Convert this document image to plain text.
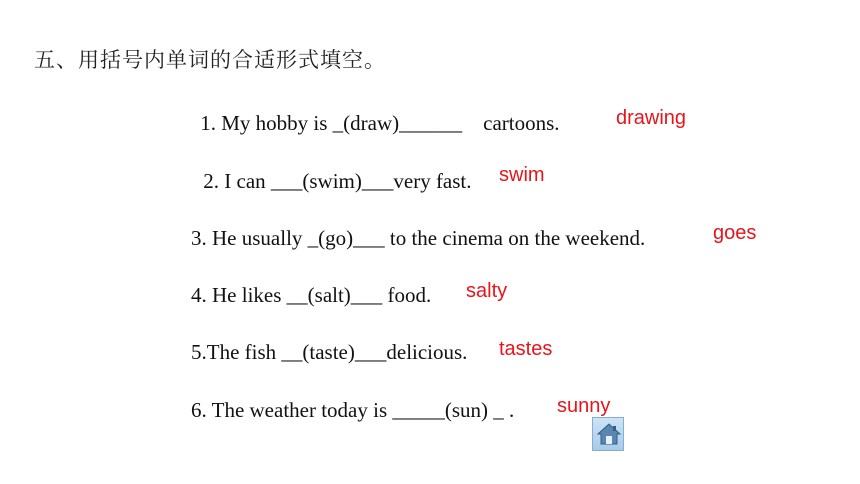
五、用括号内单词的合适形式填空。
1. My hobby is _(draw)______    cartoons.	drawing
2. I can ___(swim)___very fast. swim
3. He usually _(go)___ to the cinema on the weekend.	goes
4. He likes __(salt)___ food. salty
5.The fish __(taste)___delicious. tastes
6. The weather today is _____(sun) _ . sunny
